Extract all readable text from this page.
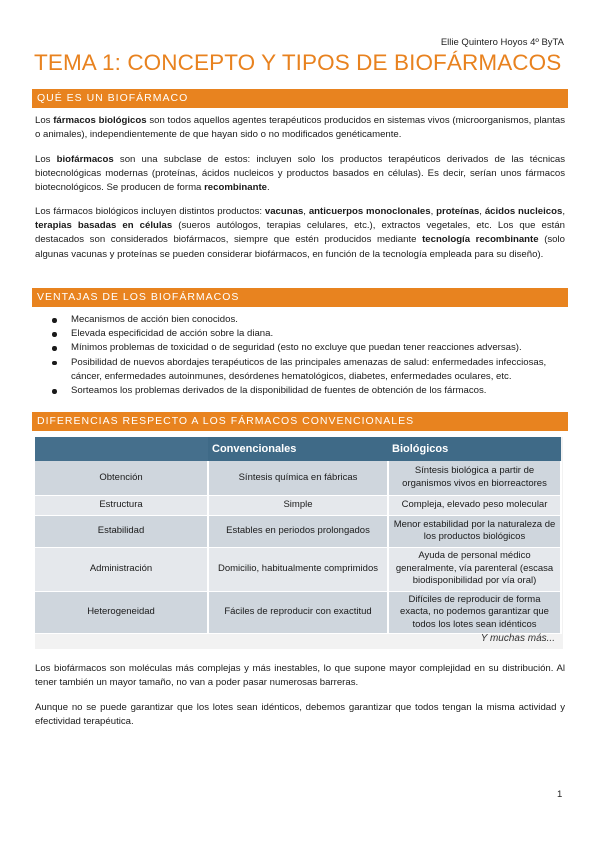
Ellie Quintero Hoyos 4º ByTA
TEMA 1: CONCEPTO Y TIPOS DE BIOFÁRMACOS
QUÉ ES UN BIOFÁRMACO

Los fármacos biológicos son todos aquellos agentes terapéuticos producidos en sistemas vivos (microorganismos, plantas o animales), independientemente de que hayan sido o no modificados genéticamente.

Los biofármacos son una subclase de estos: incluyen solo los productos terapéuticos derivados de las técnicas biotecnológicas modernas (proteínas, ácidos nucleicos y productos basados en células). Es decir, serían unos fármacos biotecnológicos. Se producen de forma recombinante.

Los fármacos biológicos incluyen distintos productos: vacunas, anticuerpos monoclonales, proteínas, ácidos nucleicos, terapias basadas en células (sueros autólogos, terapias celulares, etc.), extractos vegetales, etc. Los que están destacados son considerados biofármacos, siempre que estén producidos mediante tecnología recombinante (solo algunas vacunas y proteínas se pueden considerar biofármacos, en función de la tecnología empleada para su diseño).

VENTAJAS DE LOS BIOFÁRMACOS
Mecanismos de acción bien conocidos.
Elevada especificidad de acción sobre la diana.
Mínimos problemas de toxicidad o de seguridad (esto no excluye que puedan tener reacciones adversas).
Posibilidad de nuevos abordajes terapéuticos de las principales amenazas de salud: enfermedades infecciosas, cáncer, enfermedades autoinmunes, desórdenes hematológicos, diabetes, enfermedades oculares, etc.
Sorteamos los problemas derivados de la disponibilidad de fuentes de obtención de los fármacos.
DIFERENCIAS RESPECTO A LOS FÁRMACOS CONVENCIONALES
	Convencionales	Biológicos
Obtención	Síntesis química en fábricas	Síntesis biológica a partir de organismos vivos en biorreactores
Estructura	Simple	Compleja, elevado peso molecular
Estabilidad	Estables en periodos prolongados	Menor estabilidad por la naturaleza de los productos biológicos
Administración	Domicilio, habitualmente comprimidos	Ayuda de personal médico generalmente, vía parenteral (escasa biodisponibilidad por vía oral)
Heterogeneidad	Fáciles de reproducir con exactitud	Difíciles de reproducir de forma exacta, no podemos garantizar que todos los lotes sean idénticos
Y muchas más...

Los biofármacos son moléculas más complejas y más inestables, lo que supone mayor complejidad en su distribución. Al tener también un mayor tamaño, no van a poder pasar numerosas barreras.

Aunque no se puede garantizar que los lotes sean idénticos, debemos garantizar que todos tengan la misma actividad y efectividad terapéutica.

1
